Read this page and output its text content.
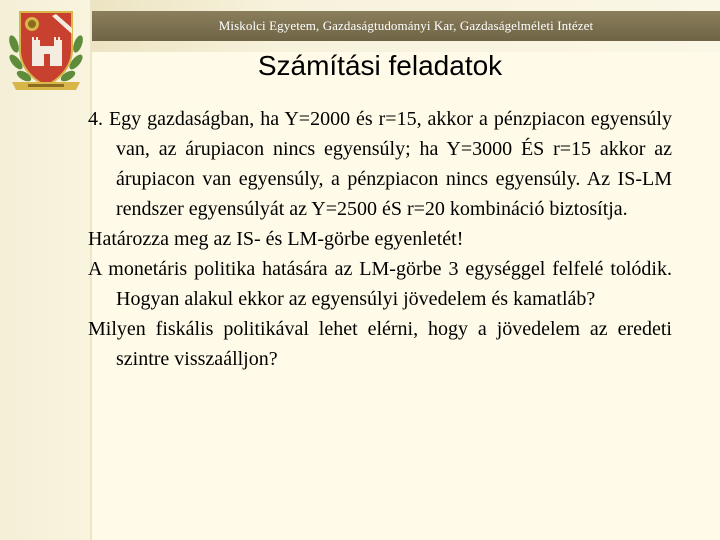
Miskolci Egyetem, Gazdaságtudományi Kar, Gazdaságelméleti Intézet
Számítási feladatok

4. Egy gazdaságban, ha Y=2000 és r=15, akkor a pénzpiacon egyensúly van, az árupiacon nincs egyensúly; ha Y=3000 ÉS r=15 akkor az árupiacon van egyensúly, a pénzpiacon nincs egyensúly. Az IS-LM rendszer egyensúlyát az Y=2500 éS r=20 kombináció biztosítja.

Határozza meg az IS- és LM-görbe egyenletét!

A monetáris politika hatására az LM-görbe 3 egységgel felfelé tolódik. Hogyan alakul ekkor az egyensúlyi jövedelem és kamatláb?

Milyen fiskális politikával lehet elérni, hogy a jövedelem az eredeti szintre visszaálljon?
